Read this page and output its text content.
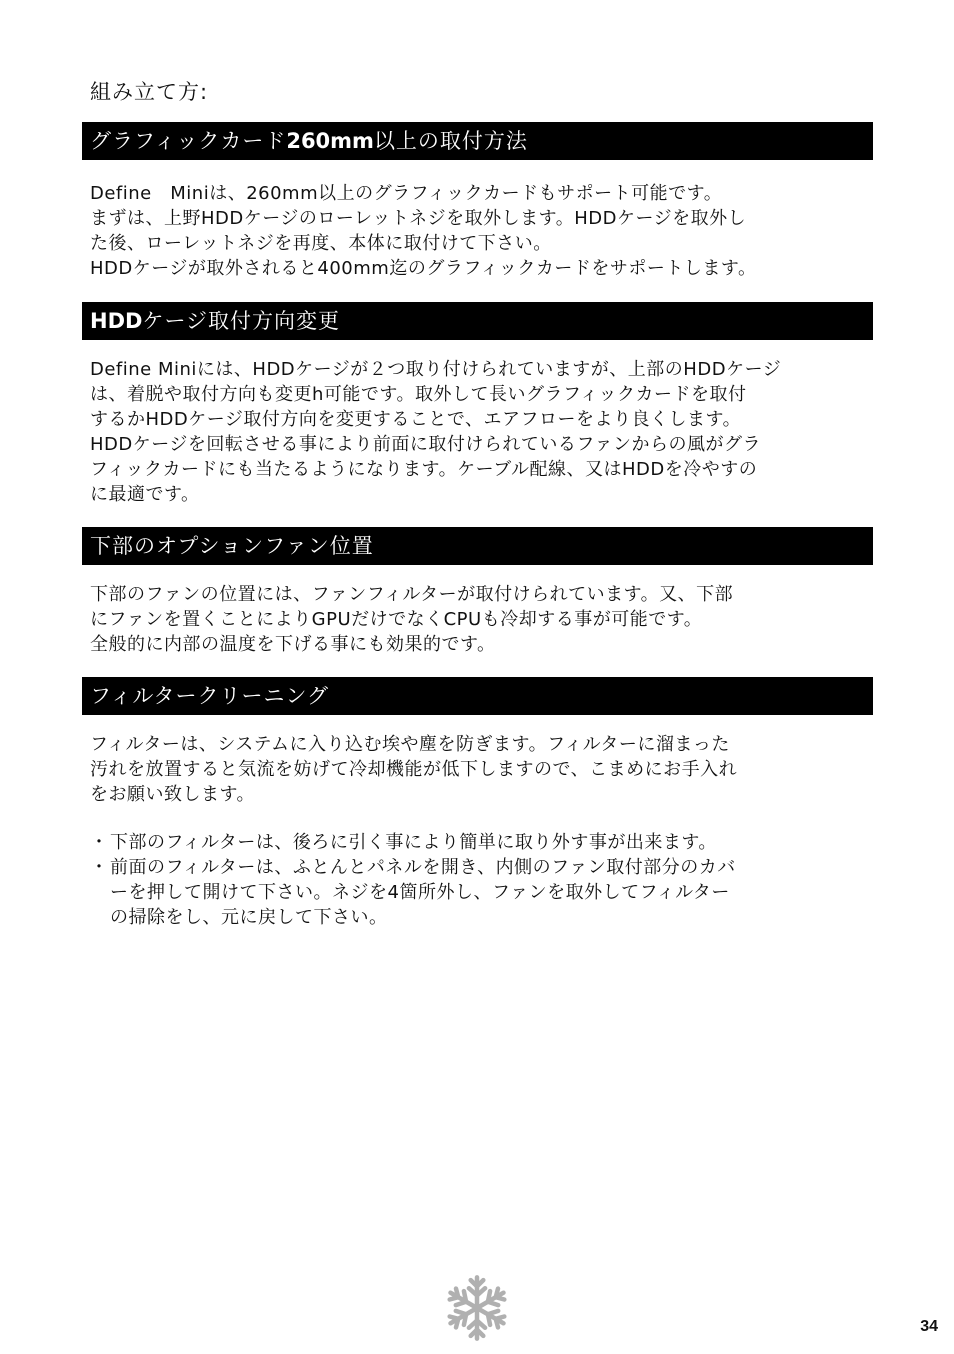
組み立て方:
グラフィックカード260mm以上の取付方法

Define　Miniは、260mm以上のグラフィックカードもサポート可能です。

まずは、上野HDDケージのローレットネジを取外します。HDDケージを取外し

た後、ローレットネジを再度、本体に取付けて下さい。

HDDケージが取外されると400mm迄のグラフィックカードをサポートします。

HDDケージ取付方向変更

Define Miniには、HDDケージが２つ取り付けられていますが、上部のHDDケージ

は、着脱や取付方向も変更h可能です。取外して長いグラフィックカードを取付

するかHDDケージ取付方向を変更することで、エアフローをより良くします。

HDDケージを回転させる事により前面に取付けられているファンからの風がグラ

フィックカードにも当たるようになります。ケーブル配線、又はHDDを冷やすの

に最適です。

下部のオプションファン位置

下部のファンの位置には、ファンフィルターが取付けられています。又、下部

にファンを置くことによりGPUだけでなくCPUも冷却する事が可能です。

全般的に内部の温度を下げる事にも効果的です。

フィルタークリーニング

フィルターは、システムに入り込む埃や塵を防ぎます。フィルターに溜まった

汚れを放置すると気流を妨げて冷却機能が低下しますので、こまめにお手入れ

をお願い致します。

・ 下部のフィルターは、後ろに引く事により簡単に取り外す事が出来ます。

・ 前面のフィルターは、ふとんとパネルを開き、内側のファン取付部分のカバ

ーを押して開けて下さい。ネジを4箇所外し、ファンを取外してフィルター

の掃除をし、元に戻して下さい。

34
